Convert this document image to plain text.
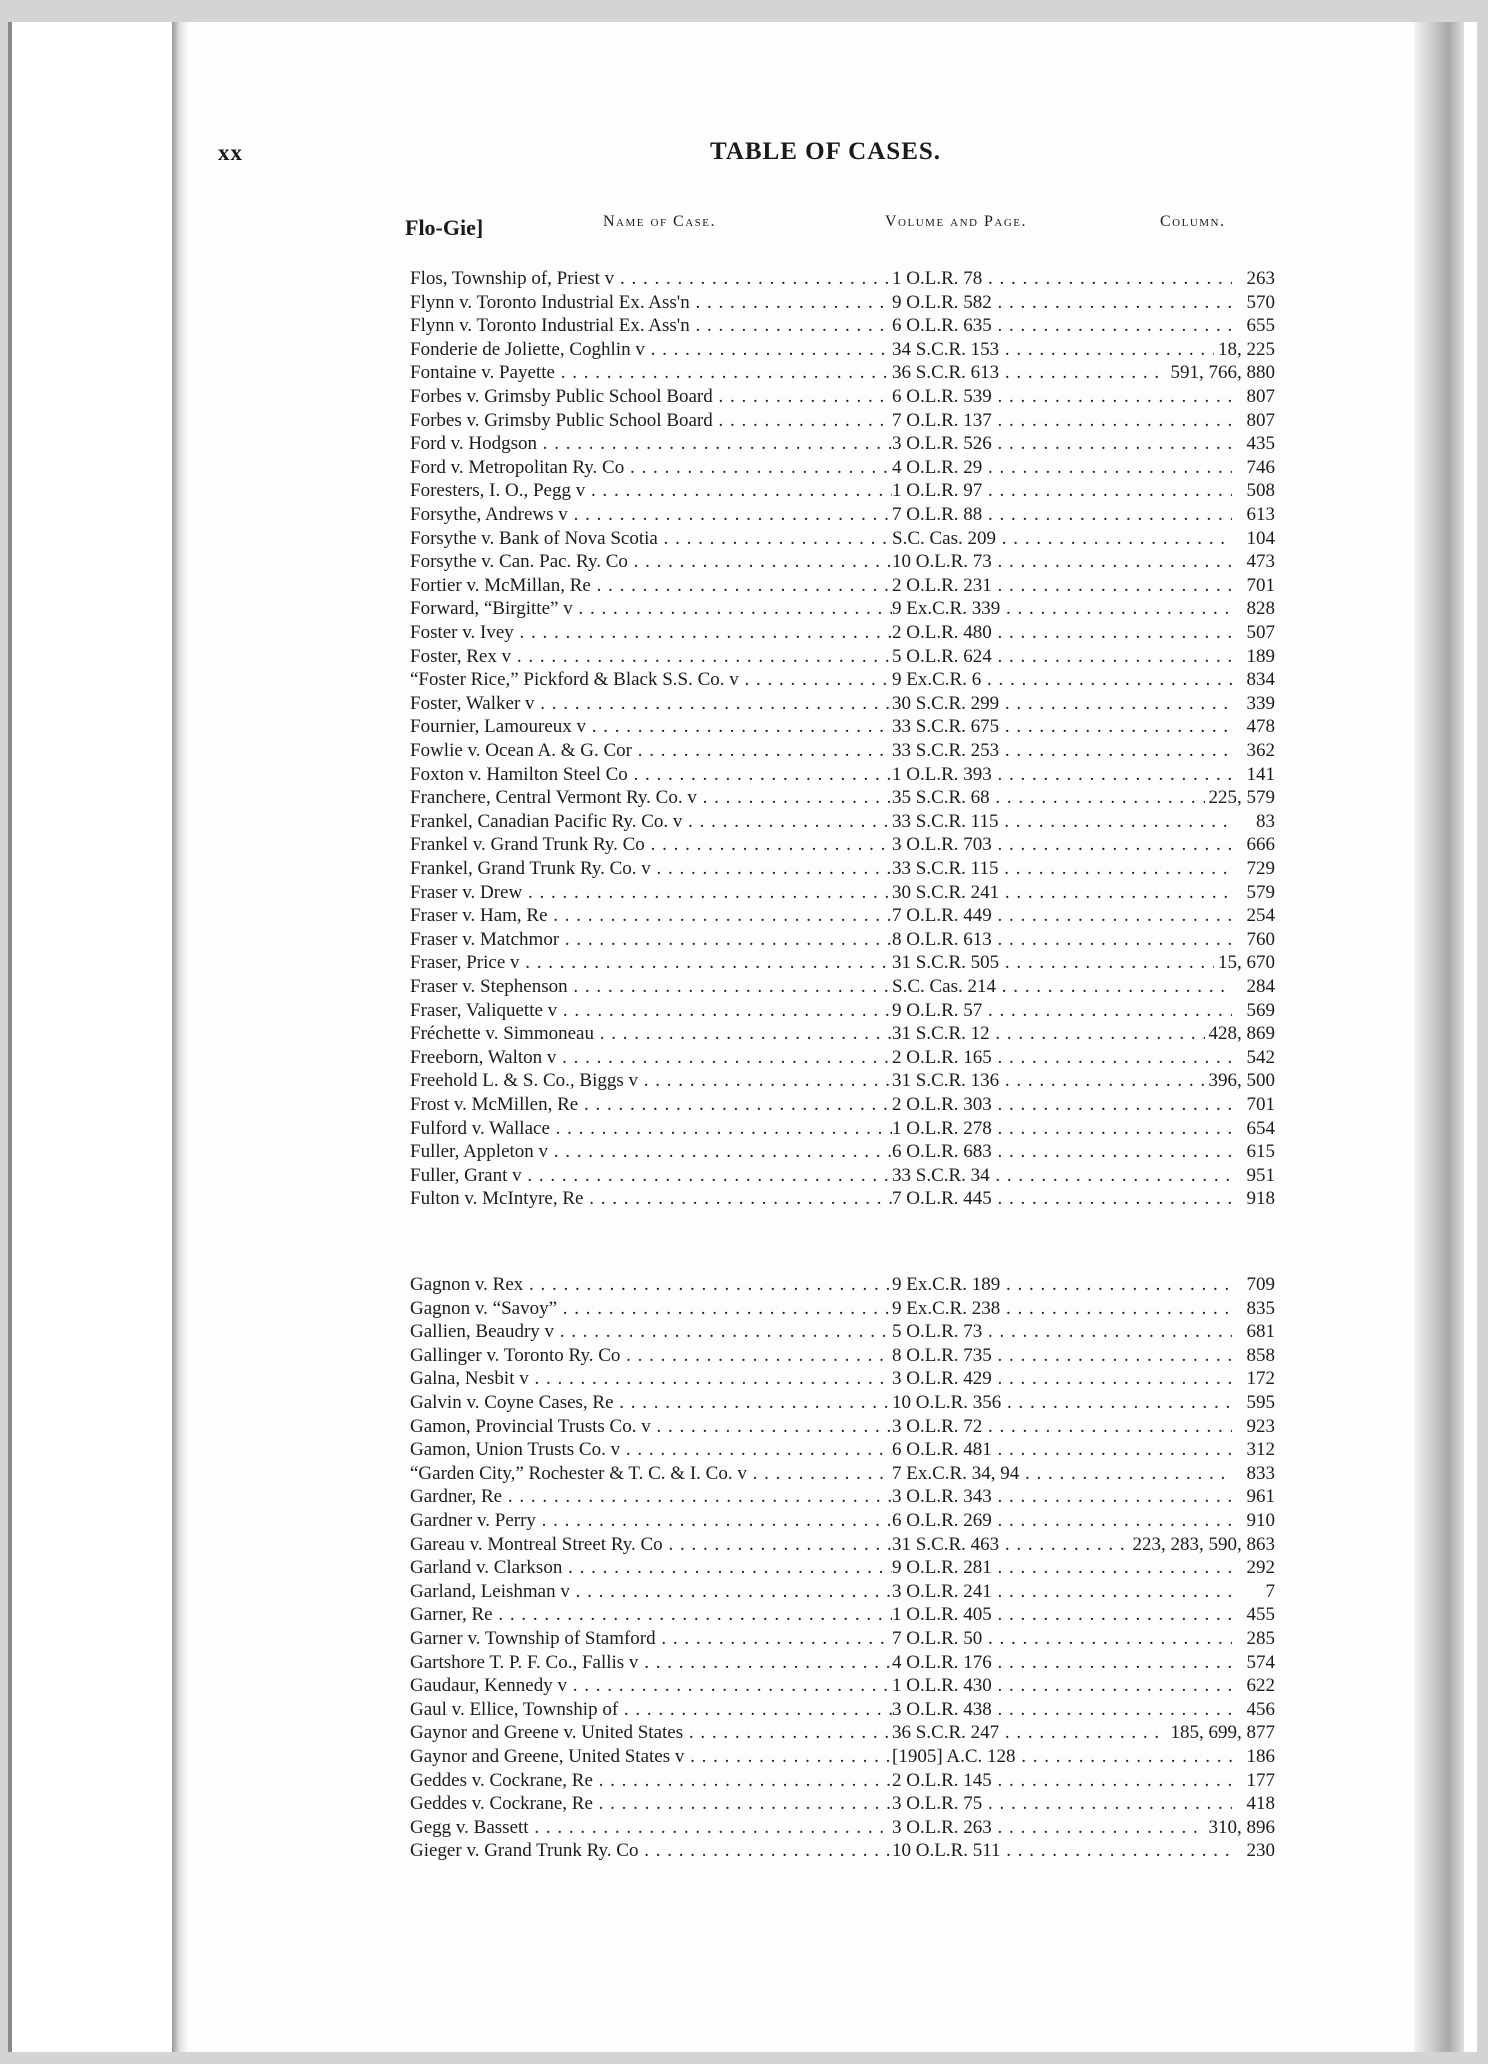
xx	TABLE OF CASES.
Flo-Gie]	Name of Case.	Volume and Page.	Column.
Flos, Township of, Priest v . . .	1 O.L.R. 78 . . .	263
Flynn v. Toronto Industrial Ex. Ass'n . . .	9 O.L.R. 582 . . .	570
Flynn v. Toronto Industrial Ex. Ass'n . . .	6 O.L.R. 635 . . .	655
Fonderie de Joliette, Coghlin v . . .	34 S.C.R. 153 . . .	18, 225
Fontaine v. Payette . . .	36 S.C.R. 613 . . .	591, 766, 880
Forbes v. Grimsby Public School Board . . .	6 O.L.R. 539 . . .	807
Forbes v. Grimsby Public School Board . . .	7 O.L.R. 137 . . .	807
Ford v. Hodgson . . .	3 O.L.R. 526 . . .	435
Ford v. Metropolitan Ry. Co . . .	4 O.L.R. 29 . . .	746
Foresters, I. O., Pegg v . . .	1 O.L.R. 97 . . .	508
Forsythe, Andrews v . . .	7 O.L.R. 88 . . .	613
Forsythe v. Bank of Nova Scotia . . .	S.C. Cas. 209 . . .	104
Forsythe v. Can. Pac. Ry. Co . . .	10 O.L.R. 73 . . .	473
Fortier v. McMillan, Re . . .	2 O.L.R. 231 . . .	701
Forward, “Birgitte” v . . .	9 Ex.C.R. 339 . . .	828
Foster v. Ivey . . .	2 O.L.R. 480 . . .	507
Foster, Rex v . . .	5 O.L.R. 624 . . .	189
“Foster Rice,” Pickford & Black S.S. Co. v . . .	9 Ex.C.R. 6 . . .	834
Foster, Walker v . . .	30 S.C.R. 299 . . .	339
Fournier, Lamoureux v . . .	33 S.C.R. 675 . . .	478
Fowlie v. Ocean A. & G. Cor . . .	33 S.C.R. 253 . . .	362
Foxton v. Hamilton Steel Co . . .	1 O.L.R. 393 . . .	141
Franchere, Central Vermont Ry. Co. v . . .	35 S.C.R. 68 . . .	225, 579
Frankel, Canadian Pacific Ry. Co. v . . .	33 S.C.R. 115 . . .	83
Frankel v. Grand Trunk Ry. Co . . .	3 O.L.R. 703 . . .	666
Frankel, Grand Trunk Ry. Co. v . . .	33 S.C.R. 115 . . .	729
Fraser v. Drew . . .	30 S.C.R. 241 . . .	579
Fraser v. Ham, Re . . .	7 O.L.R. 449 . . .	254
Fraser v. Matchmor . . .	8 O.L.R. 613 . . .	760
Fraser, Price v . . .	31 S.C.R. 505 . . .	15, 670
Fraser v. Stephenson . . .	S.C. Cas. 214 . . .	284
Fraser, Valiquette v . . .	9 O.L.R. 57 . . .	569
Fréchette v. Simmoneau . . .	31 S.C.R. 12 . . .	428, 869
Freeborn, Walton v . . .	2 O.L.R. 165 . . .	542
Freehold L. & S. Co., Biggs v . . .	31 S.C.R. 136 . . .	396, 500
Frost v. McMillen, Re . . .	2 O.L.R. 303 . . .	701
Fulford v. Wallace . . .	1 O.L.R. 278 . . .	654
Fuller, Appleton v . . .	6 O.L.R. 683 . . .	615
Fuller, Grant v . . .	33 S.C.R. 34 . . .	951
Fulton v. McIntyre, Re . . .	7 O.L.R. 445 . . .	918
Gagnon v. Rex . . .	9 Ex.C.R. 189 . . .	709
Gagnon v. “Savoy” . . .	9 Ex.C.R. 238 . . .	835
Gallien, Beaudry v . . .	5 O.L.R. 73 . . .	681
Gallinger v. Toronto Ry. Co . . .	8 O.L.R. 735 . . .	858
Galna, Nesbit v . . .	3 O.L.R. 429 . . .	172
Galvin v. Coyne Cases, Re . . .	10 O.L.R. 356 . . .	595
Gamon, Provincial Trusts Co. v . . .	3 O.L.R. 72 . . .	923
Gamon, Union Trusts Co. v . . .	6 O.L.R. 481 . . .	312
“Garden City,” Rochester & T. C. & I. Co. v . . .	7 Ex.C.R. 34, 94 . . .	833
Gardner, Re . . .	3 O.L.R. 343 . . .	961
Gardner v. Perry . . .	6 O.L.R. 269 . . .	910
Gareau v. Montreal Street Ry. Co . . .	31 S.C.R. 463 . . .	223, 283, 590, 863
Garland v. Clarkson . . .	9 O.L.R. 281 . . .	292
Garland, Leishman v . . .	3 O.L.R. 241 . . .	7
Garner, Re . . .	1 O.L.R. 405 . . .	455
Garner v. Township of Stamford . . .	7 O.L.R. 50 . . .	285
Gartshore T. P. F. Co., Fallis v . . .	4 O.L.R. 176 . . .	574
Gaudaur, Kennedy v . . .	1 O.L.R. 430 . . .	622
Gaul v. Ellice, Township of . . .	3 O.L.R. 438 . . .	456
Gaynor and Greene v. United States . . .	36 S.C.R. 247 . . .	185, 699, 877
Gaynor and Greene, United States v . . .	[1905] A.C. 128 . . .	186
Geddes v. Cockrane, Re . . .	2 O.L.R. 145 . . .	177
Geddes v. Cockrane, Re . . .	3 O.L.R. 75 . . .	418
Gegg v. Bassett . . .	3 O.L.R. 263 . . .	310, 896
Gieger v. Grand Trunk Ry. Co . . .	10 O.L.R. 511 . . .	230
